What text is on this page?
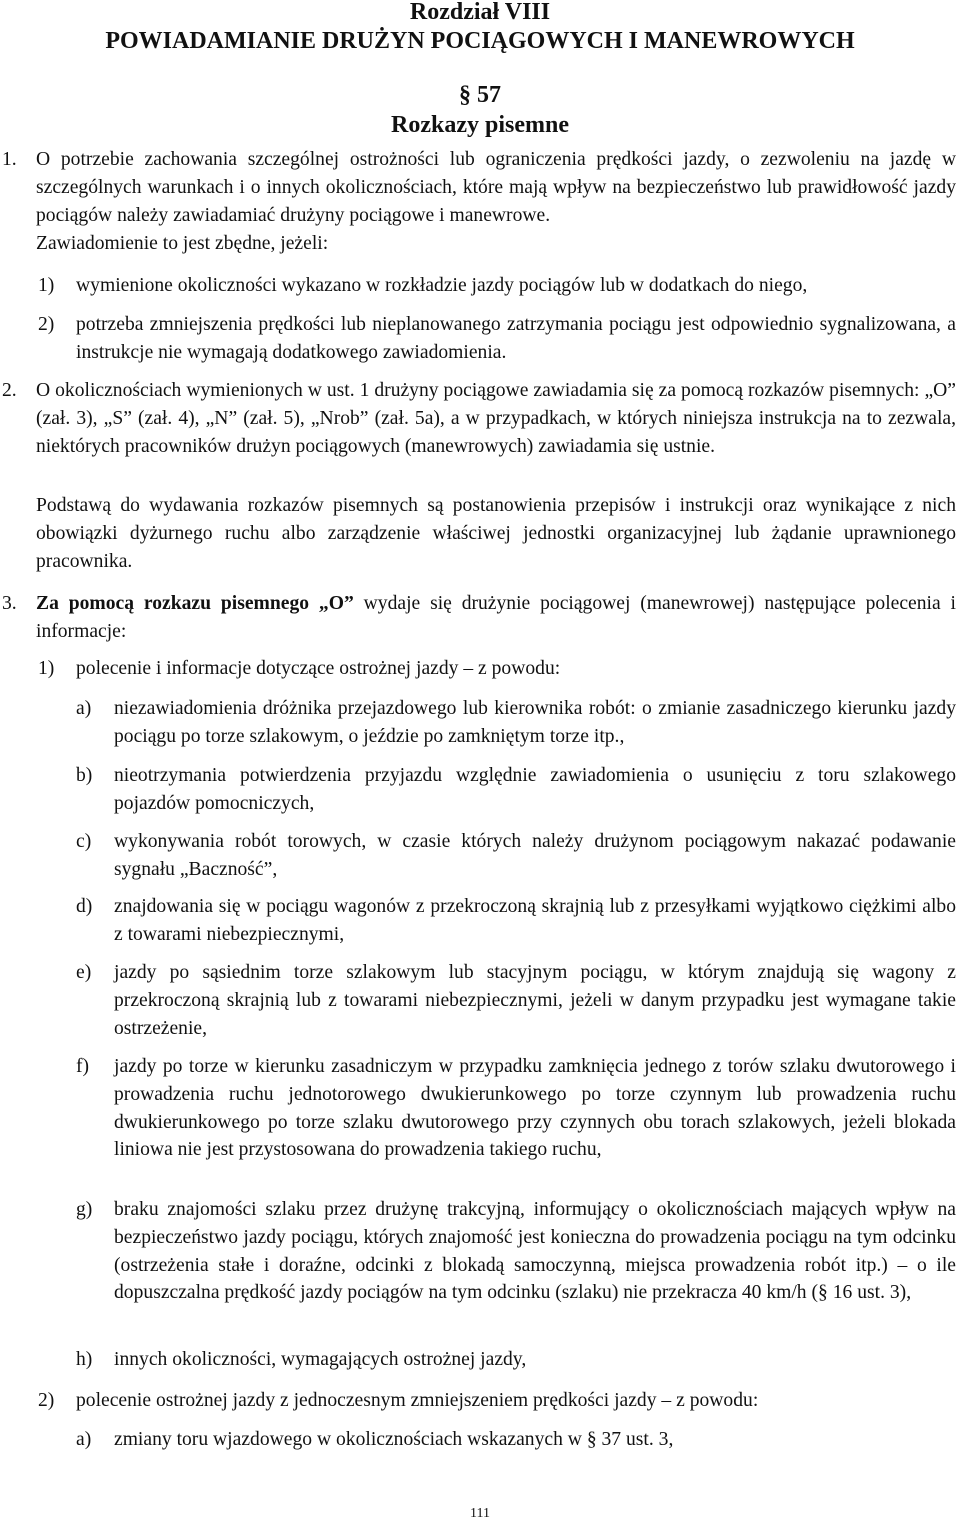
Rozdział VIII
POWIADAMIANIE DRUŻYN POCIĄGOWYCH I MANEWROWYCH
§ 57
Rozkazy pisemne
1. O potrzebie zachowania szczególnej ostrożności lub ograniczenia prędkości jazdy, o zezwoleniu na jazdę w szczególnych warunkach i o innych okolicznościach, które mają wpływ na bezpieczeństwo lub prawidłowość jazdy pociągów należy zawiadamiać drużyny pociągowe i manewrowe.

Zawiadomienie to jest zbędne, jeżeli:

1) wymienione okoliczności wykazano w rozkładzie jazdy pociągów lub w dodatkach do niego,

2) potrzeba zmniejszenia prędkości lub nieplanowanego zatrzymania pociągu jest odpowiednio sygnalizowana, a instrukcje nie wymagają dodatkowego zawiadomienia.

2. O okolicznościach wymienionych w ust. 1 drużyny pociągowe zawiadamia się za pomocą rozkazów pisemnych: „O” (zał. 3), „S” (zał. 4), „N” (zał. 5), „Nrob” (zał. 5a), a w przypadkach, w których niniejsza instrukcja na to zezwala, niektórych pracowników drużyn pociągowych (manewrowych) zawiadamia się ustnie.

Podstawą do wydawania rozkazów pisemnych są postanowienia przepisów i instrukcji oraz wynikające z nich obowiązki dyżurnego ruchu albo zarządzenie właściwej jednostki organizacyjnej lub żądanie uprawnionego pracownika.

3. Za pomocą rozkazu pisemnego „O” wydaje się drużynie pociągowej (manewrowej) następujące polecenia i informacje:

1) polecenie i informacje dotyczące ostrożnej jazdy – z powodu:

a) niezawiadomienia dróżnika przejazdowego lub kierownika robót: o zmianie zasadniczego kierunku jazdy pociągu po torze szlakowym, o jeździe po zamkniętym torze itp.,

b) nieotrzymania potwierdzenia przyjazdu względnie zawiadomienia o usunięciu z toru szlakowego pojazdów pomocniczych,

c) wykonywania robót torowych, w czasie których należy drużynom pociągowym nakazać podawanie sygnału „Baczność”,

d) znajdowania się w pociągu wagonów z przekroczoną skrajnią lub z przesyłkami wyjątkowo ciężkimi albo z towarami niebezpiecznymi,

e) jazdy po sąsiednim torze szlakowym lub stacyjnym pociągu, w którym znajdują się wagony z przekroczoną skrajnią lub z towarami niebezpiecznymi, jeżeli w danym przypadku jest wymagane takie ostrzeżenie,

f) jazdy po torze w kierunku zasadniczym w przypadku zamknięcia jednego z torów szlaku dwutorowego i prowadzenia ruchu jednotorowego dwukierunkowego po torze czynnym lub prowadzenia ruchu dwukierunkowego po torze szlaku dwutorowego przy czynnych obu torach szlakowych, jeżeli blokada liniowa nie jest przystosowana do prowadzenia takiego ruchu,

g) braku znajomości szlaku przez drużynę trakcyjną, informujący o okolicznościach mających wpływ na bezpieczeństwo jazdy pociągu, których znajomość jest konieczna do prowadzenia pociągu na tym odcinku (ostrzeżenia stałe i doraźne, odcinki z blokadą samoczynną, miejsca prowadzenia robót itp.) – o ile dopuszczalna prędkość jazdy pociągów na tym odcinku (szlaku) nie przekracza 40 km/h (§ 16 ust. 3),

h) innych okoliczności, wymagających ostrożnej jazdy,

2) polecenie ostrożnej jazdy z jednoczesnym zmniejszeniem prędkości jazdy – z powodu:

a) zmiany toru wjazdowego w okolicznościach wskazanych w § 37 ust. 3,

111
